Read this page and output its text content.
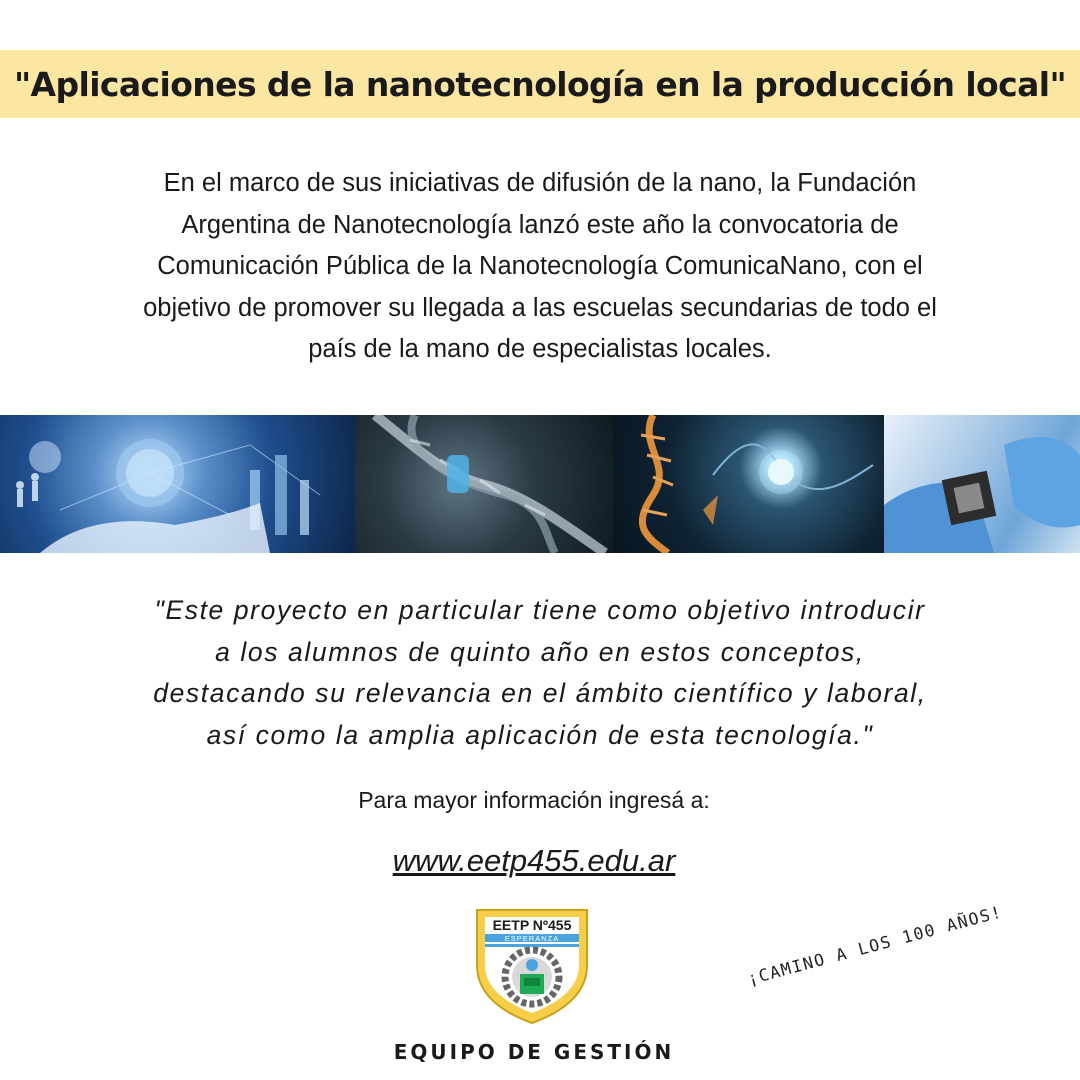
"Aplicaciones de la nanotecnología en la producción local"

En el marco de sus iniciativas de difusión de la nano, la Fundación

Argentina de Nanotecnología lanzó este año la convocatoria de

Comunicación Pública de la Nanotecnología ComunicaNano, con el

objetivo de promover su llegada a las escuelas secundarias de todo el

país de la mano de especialistas locales.

"Este proyecto en particular tiene como objetivo introducir

a los alumnos de quinto año en estos conceptos,

destacando su relevancia en el ámbito científico y laboral,

así como la amplia aplicación de esta tecnología."

Para mayor información ingresá a:
www.eetp455.edu.ar
EETP Nº455
ESPERANZA
EQUIPO DE GESTIÓN
¡CAMINO A LOS 100 AÑOS!
